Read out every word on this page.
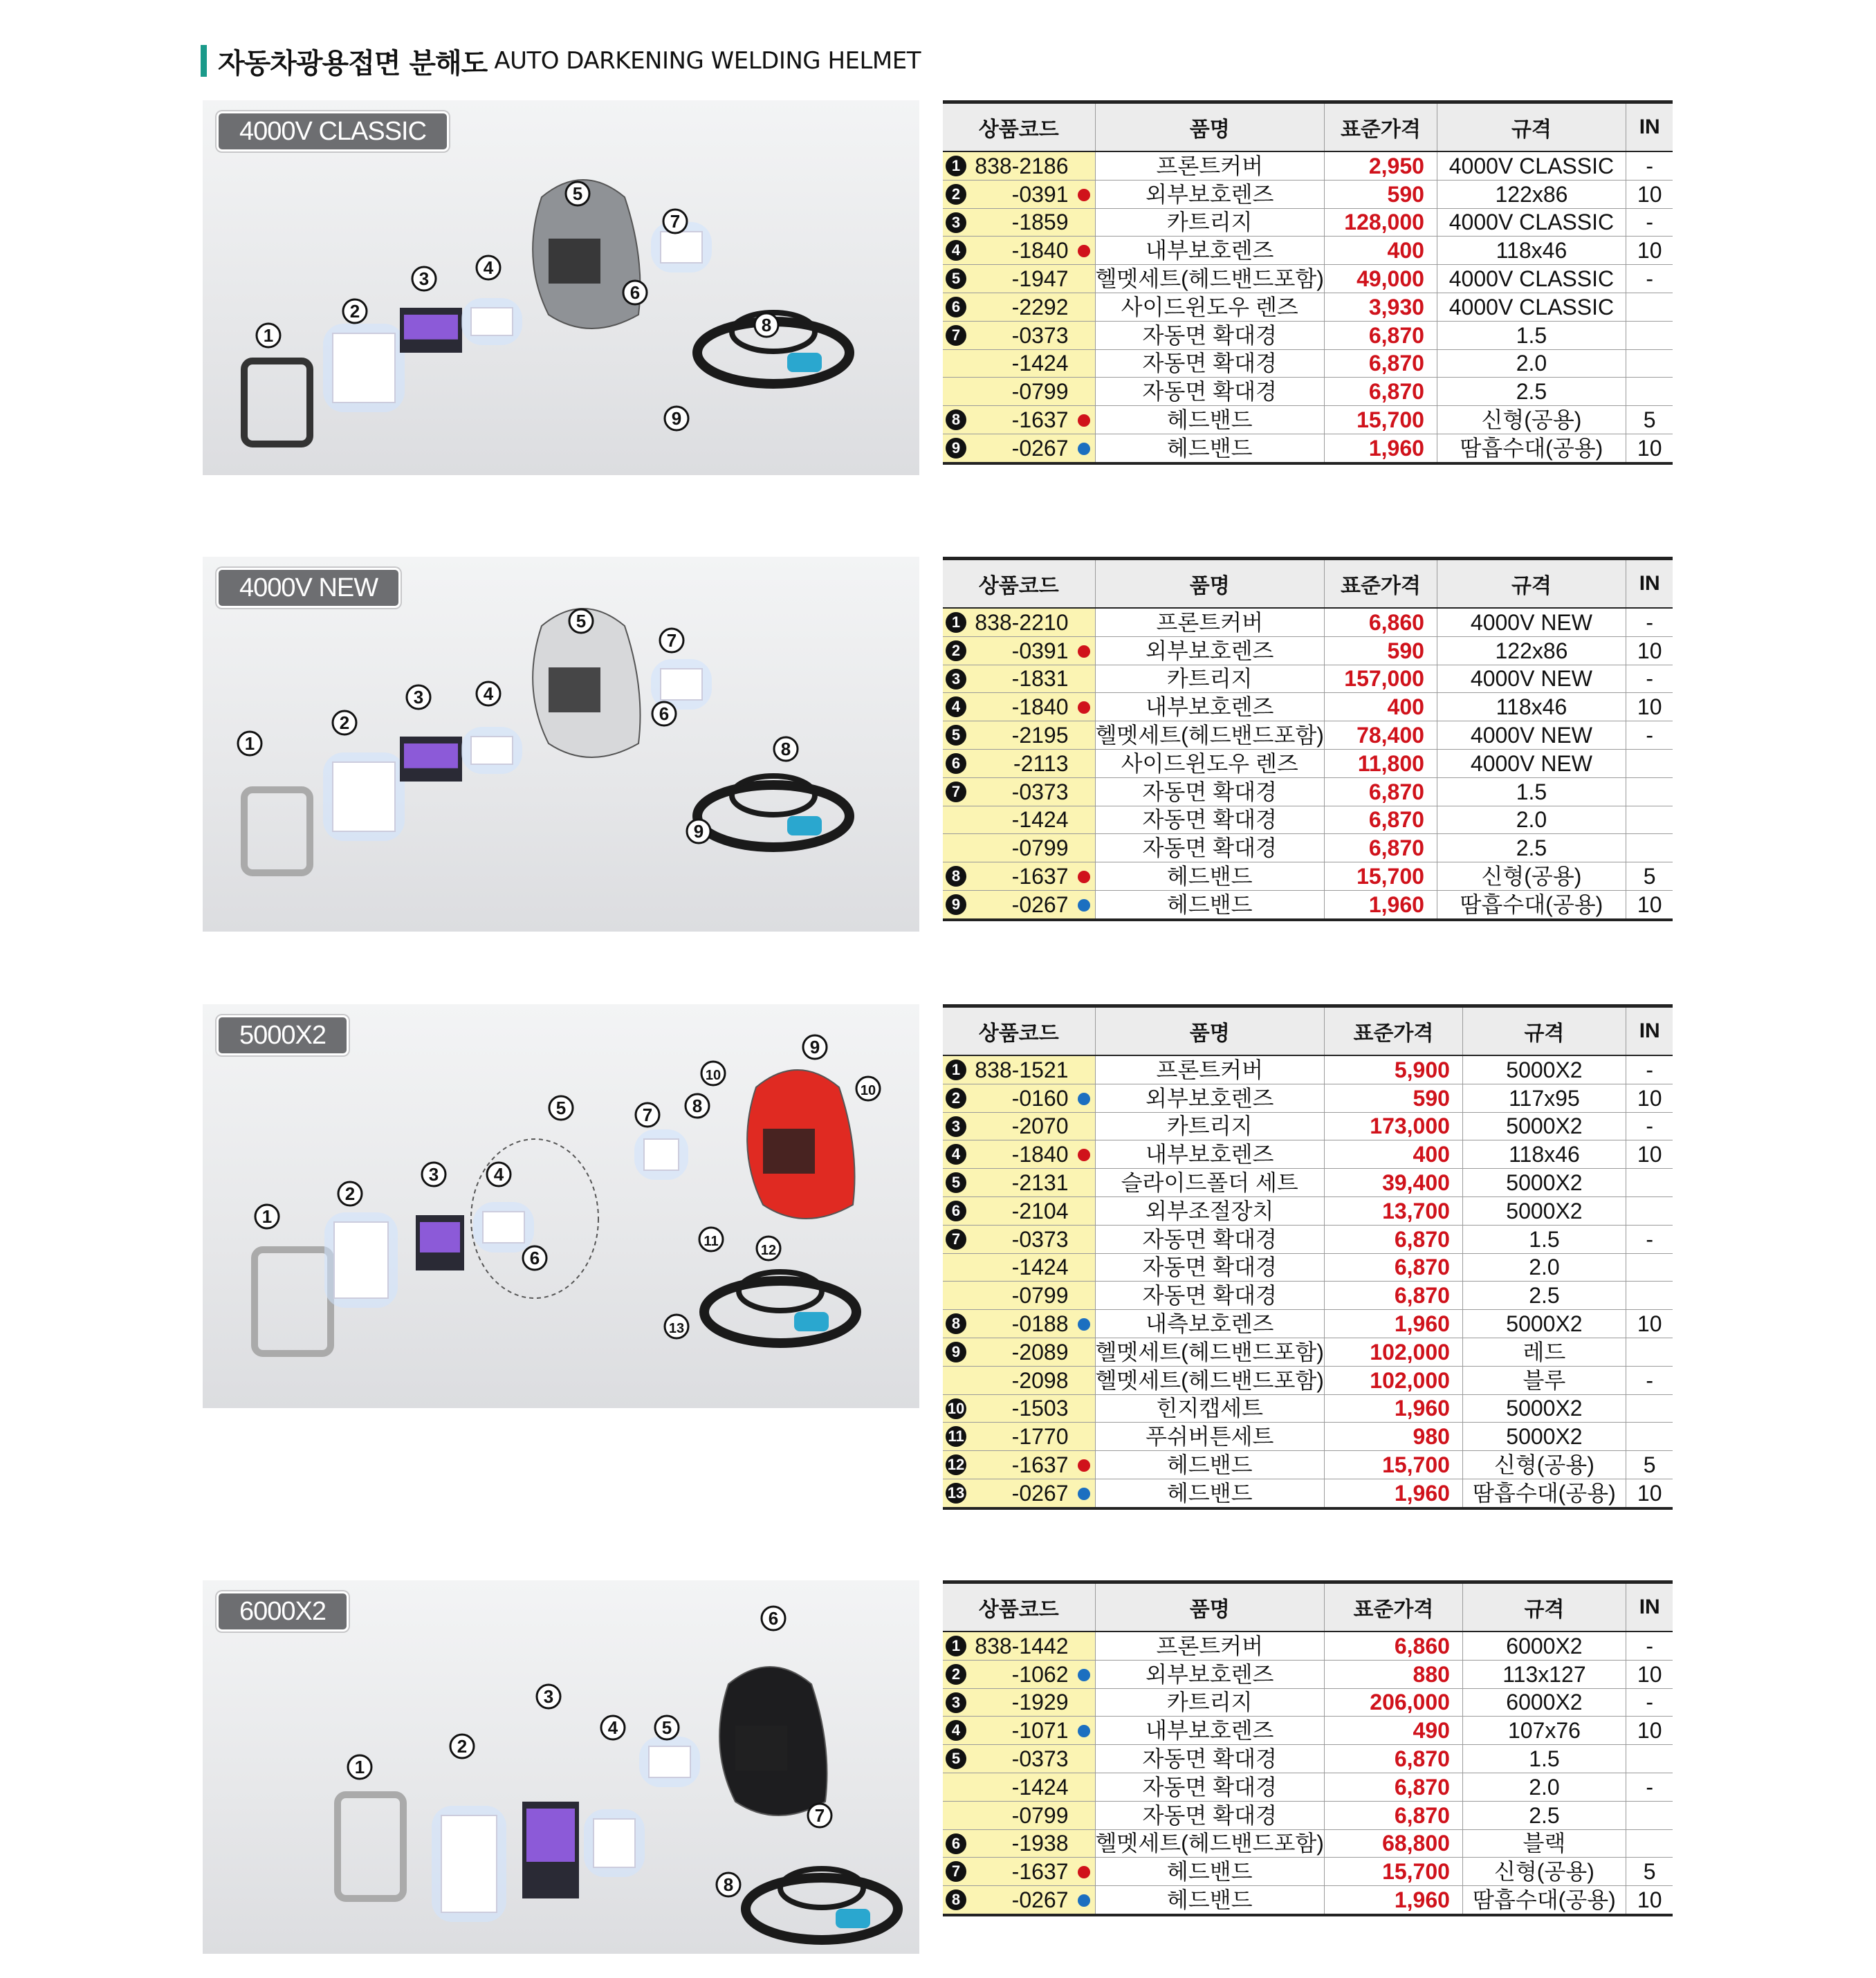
자동차광용접면 분해도 AUTO DARKENING WELDING HELMET
1
2
3
4
5
6
7
8
9
4000V CLASSIC	상품코드	품명	표준가격	규격	IN

1 838-2186	프론트커버	2,950	4000V CLASSIC	-

2 -0391	외부보호렌즈	590	122x86	10

3 -1859	카트리지	128,000	4000V CLASSIC	-

4 -1840	내부보호렌즈	400	118x46	10

5 -1947	헬멧세트(헤드밴드포함)	49,000	4000V CLASSIC	-

6 -2292	사이드윈도우 렌즈	3,930	4000V CLASSIC	

7 -0373	자동면 확대경	6,870	1.5	
-1424	자동면 확대경	6,870	2.0	
-0799	자동면 확대경	6,870	2.5	

8 -1637	헤드밴드	15,700	신형(공용)	5

9 -0267	헤드밴드	1,960	땀흡수대(공용)	10
1
2
3	4
5
6
7
8
9
4000V NEW	상품코드	품명	표준가격	규격	IN

1 838-2210	프론트커버	6,860	4000V NEW	-

2 -0391	외부보호렌즈	590	122x86	10

3 -1831	카트리지	157,000	4000V NEW	-

4 -1840	내부보호렌즈	400	118x46	10

5 -2195	헬멧세트(헤드밴드포함)	78,400	4000V NEW	-

6 -2113	사이드윈도우 렌즈	11,800	4000V NEW	

7 -0373	자동면 확대경	6,870	1.5	
-1424	자동면 확대경	6,870	2.0	
-0799	자동면 확대경	6,870	2.5	

8 -1637	헤드밴드	15,700	신형(공용)	5

9 -0267	헤드밴드	1,960	땀흡수대(공용)	10
1
2
3	4
5
6
7 8
9
10
10
11
12
13
5000X2	상품코드	품명	표준가격	규격	IN

1 838-1521	프론트커버	5,900	5000X2	-

2 -0160	외부보호렌즈	590	117x95	10

3 -2070	카트리지	173,000	5000X2	-

4 -1840	내부보호렌즈	400	118x46	10

5 -2131	슬라이드폴더 세트	39,400	5000X2	

6 -2104	외부조절장치	13,700	5000X2	

7 -0373	자동면 확대경	6,870	1.5	-
-1424	자동면 확대경	6,870	2.0	
-0799	자동면 확대경	6,870	2.5	

8 -0188	내측보호렌즈	1,960	5000X2	10

9 -2089	헬멧세트(헤드밴드포함)	102,000	레드	
-2098	헬멧세트(헤드밴드포함)	102,000	블루	-

10 -1503	힌지캡세트	1,960	5000X2	

11 -1770	푸쉬버튼세트	980	5000X2	

12 -1637	헤드밴드	15,700	신형(공용)	5

13 -0267	헤드밴드	1,960	땀흡수대(공용)	10
1
2
3
4 5
6
7
8
6000X2	상품코드	품명	표준가격	규격	IN

1 838-1442	프론트커버	6,860	6000X2	-

2 -1062	외부보호렌즈	880	113x127	10

3 -1929	카트리지	206,000	6000X2	-

4 -1071	내부보호렌즈	490	107x76	10

5 -0373	자동면 확대경	6,870	1.5	
-1424	자동면 확대경	6,870	2.0	-
-0799	자동면 확대경	6,870	2.5	

6 -1938	헬멧세트(헤드밴드포함)	68,800	블랙	

7 -1637	헤드밴드	15,700	신형(공용)	5

8 -0267	헤드밴드	1,960	땀흡수대(공용)	10
